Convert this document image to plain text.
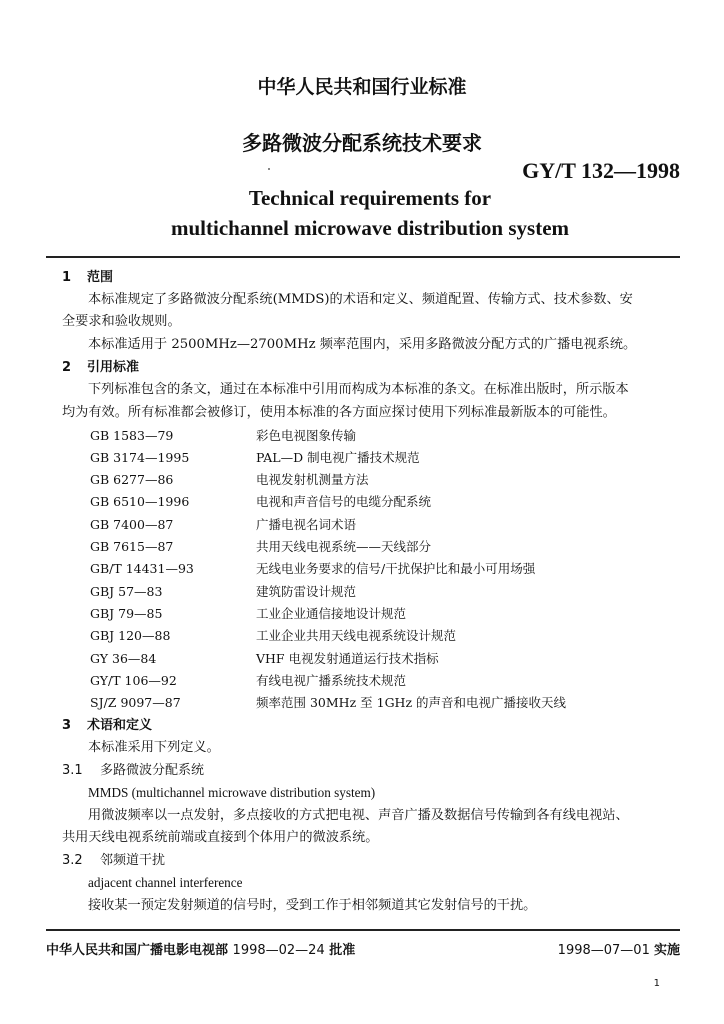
中华人民共和国行业标准
多路微波分配系统技术要求
GY/T 132—1998
Technical requirements for
multichannel microwave distribution system
1 范围
本标准规定了多路微波分配系统(MMDS)的术语和定义、频道配置、传输方式、技术参数、安
全要求和验收规则。
本标准适用于 2500MHz—2700MHz 频率范围内，采用多路微波分配方式的广播电视系统。
2 引用标准
下列标准包含的条文，通过在本标准中引用而构成为本标准的条文。在标准出版时，所示版本
均为有效。所有标准都会被修订，使用本标准的各方面应探讨使用下列标准最新版本的可能性。
GB 1583—79	彩色电视图象传输
GB 3174—1995	PAL—D 制电视广播技术规范
GB 6277—86	电视发射机测量方法
GB 6510—1996	电视和声音信号的电缆分配系统
GB 7400—87	广播电视名词术语
GB 7615—87	共用天线电视系统——天线部分
GB/T 14431—93	无线电业务要求的信号/干扰保护比和最小可用场强
GBJ 57—83	建筑防雷设计规范
GBJ 79—85	工业企业通信接地设计规范
GBJ 120—88	工业企业共用天线电视系统设计规范
GY 36—84	VHF 电视发射通道运行技术指标
GY/T 106—92	有线电视广播系统技术规范
SJ/Z 9097—87	频率范围 30MHz 至 1GHz 的声音和电视广播接收天线
3 术语和定义
本标准采用下列定义。
3.1 多路微波分配系统
MMDS (multichannel microwave distribution system)
用微波频率以一点发射，多点接收的方式把电视、声音广播及数据信号传输到各有线电视站、
共用天线电视系统前端或直接到个体用户的微波系统。
3.2 邻频道干扰
adjacent channel interference
接收某一预定发射频道的信号时，受到工作于相邻频道其它发射信号的干扰。
中华人民共和国广播电影电视部 1998—02—24 批准	1998—07—01 实施
1
